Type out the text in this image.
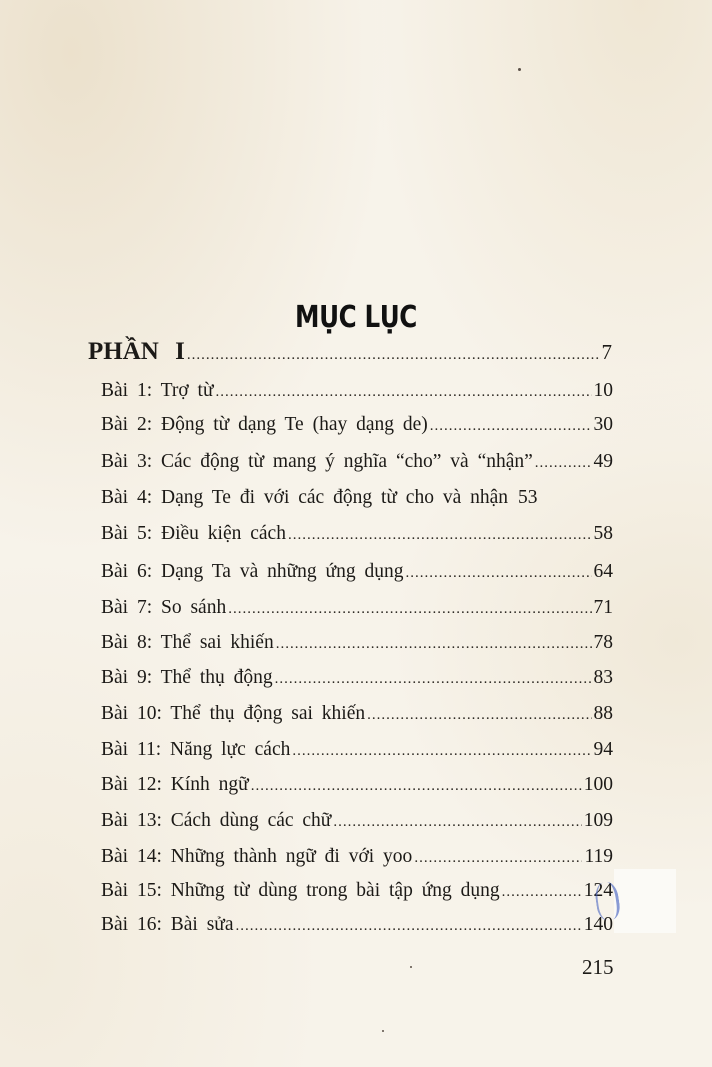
MỤC LỤC
PHẦN I .....	7
Bài 1: Trợ từ .....	10
Bài 2: Động từ dạng Te (hay dạng de) .....	30
Bài 3: Các động từ mang ý nghĩa “cho” và “nhận” .....	49
Bài 4: Dạng Te đi với các động từ cho và nhận 53
Bài 5: Điều kiện cách .....	58
Bài 6: Dạng Ta và những ứng dụng .....	64
Bài 7: So sánh .....	71
Bài 8: Thể sai khiến .....	78
Bài 9: Thể thụ động .....	83
Bài 10: Thể thụ động sai khiến .....	88
Bài 11: Năng lực cách .....	94
Bài 12: Kính ngữ .....	100
Bài 13: Cách dùng các chữ .....	109
Bài 14: Những thành ngữ đi với yoo .....	119
Bài 15: Những từ dùng trong bài tập ứng dụng .....	124
Bài 16: Bài sửa .....	140
215
